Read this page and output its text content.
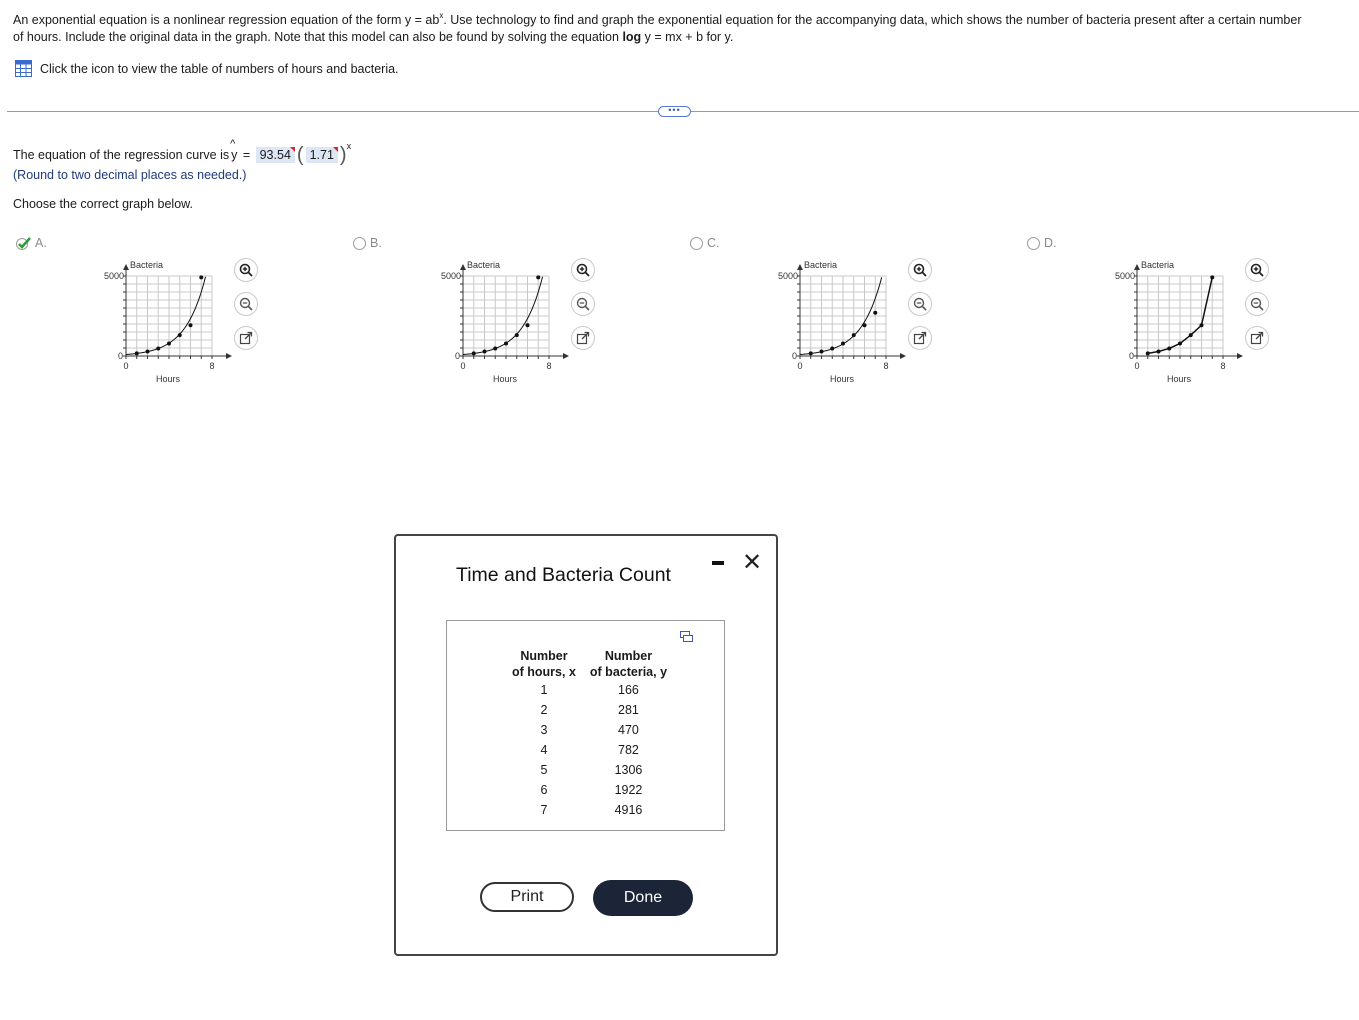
An exponential equation is a nonlinear regression equation of the form $y = ab^x$. Use technology to find and graph the exponential equation for the accompanying data, which shows the number of bacteria present after a certain number
of hours. Include the original data in the graph. Note that this model can also be found by solving the equation log y = mx + b for y.
Click the icon to view the table of numbers of hours and bacteria.
•••
The equation of the regression curve is
^
y = 93.54 ( 1.71 )$^x$
(Round to two decimal places as needed.)
Choose the correct graph below.
A.
Bacteria
5000
0
0	8
Hours
B.
Bacteria
5000
0
0	8
Hours
C.
Bacteria
5000
0
0	8
Hours
D.
Bacteria
5000
0
0	8
Hours
Time and Bacteria Count	✕
Number
of hours, x	Number
of bacteria, y
1	166
2	281
3	470
4	782
5	1306
6	1922
7	4916
Print	Done
